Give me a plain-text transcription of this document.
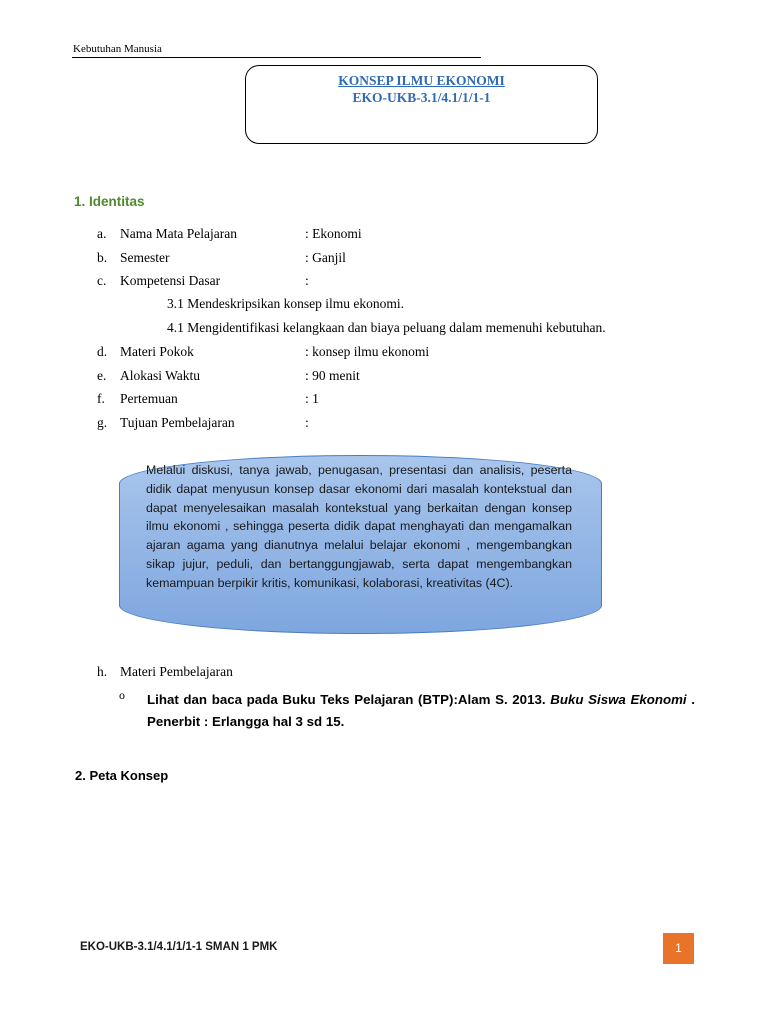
Kebutuhan Manusia
KONSEP ILMU EKONOMI
EKO-UKB-3.1/4.1/1/1-1
1. Identitas
a. Nama Mata Pelajaran	: Ekonomi
b. Semester	: Ganjil
c. Kompetensi Dasar	:
3.1 Mendeskripsikan konsep ilmu ekonomi.
4.1 Mengidentifikasi kelangkaan dan biaya peluang dalam memenuhi kebutuhan.
d. Materi Pokok	: konsep ilmu ekonomi
e. Alokasi Waktu	: 90 menit
f. Pertemuan	: 1
g. Tujuan Pembelajaran	:
Melalui diskusi, tanya jawab, penugasan, presentasi dan analisis, peserta didik dapat menyusun konsep dasar ekonomi dari masalah kontekstual dan dapat menyelesaikan masalah kontekstual yang berkaitan dengan konsep ilmu ekonomi , sehingga peserta didik dapat menghayati dan mengamalkan ajaran agama yang dianutnya melalui belajar ekonomi , mengembangkan sikap jujur, peduli, dan bertanggungjawab, serta dapat mengembangkan kemampuan berpikir kritis, komunikasi, kolaborasi, kreativitas (4C).
h. Materi Pembelajaran
o Lihat dan baca pada Buku Teks Pelajaran (BTP):Alam S. 2013. Buku Siswa Ekonomi .
Penerbit : Erlangga hal 3 sd 15.
2. Peta Konsep
EKO-UKB-3.1/4.1/1/1-1 SMAN 1 PMK	1
